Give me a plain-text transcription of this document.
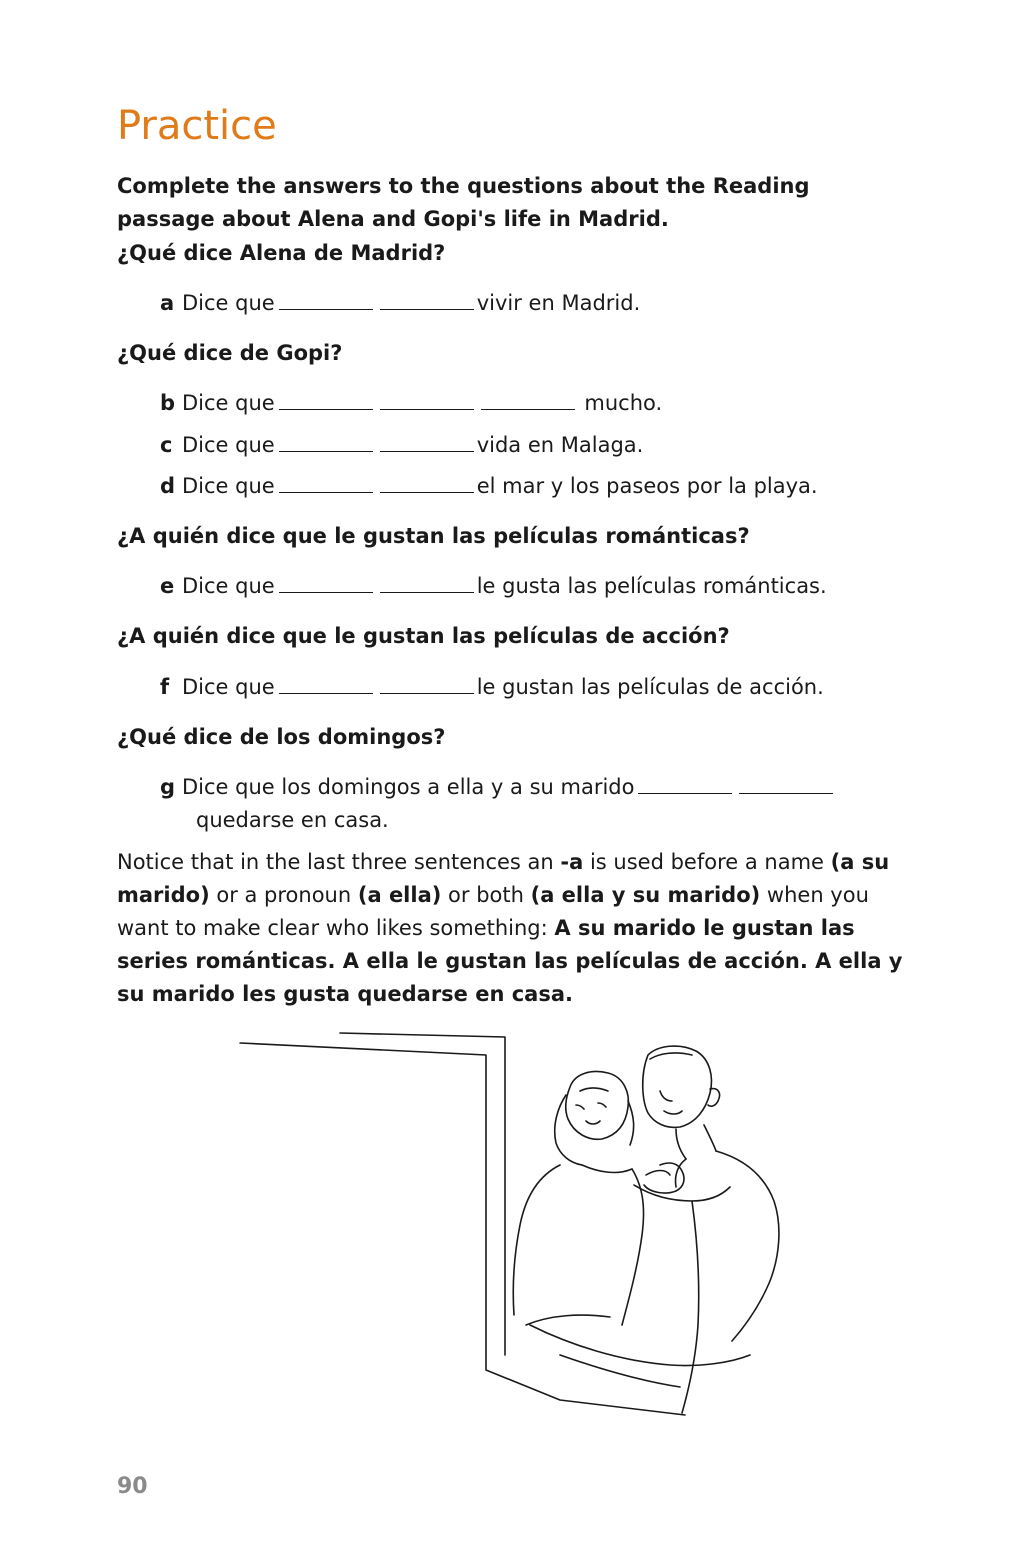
Practice

Complete the answers to the questions about the Reading passage about Alena and Gopi's life in Madrid.

¿Qué dice Alena de Madrid?

a Dice que	vivir en Madrid.

¿Qué dice de Gopi?

b Dice que	mucho.
c Dice que	vida en Malaga.
d Dice que	el mar y los paseos por la playa.

¿A quién dice que le gustan las películas románticas?

e Dice que	le gusta las películas románticas.

¿A quién dice que le gustan las películas de acción?

f Dice que	le gustan las películas de acción.

¿Qué dice de los domingos?

g Dice que los domingos a ella y a su marido
quedarse en casa.

Notice that in the last three sentences an -a is used before a name (a su marido) or a pronoun (a ella) or both (a ella y su marido) when you want to make clear who likes something: A su marido le gustan las series románticas. A ella le gustan las películas de acción. A ella y su marido les gusta quedarse en casa.

90
